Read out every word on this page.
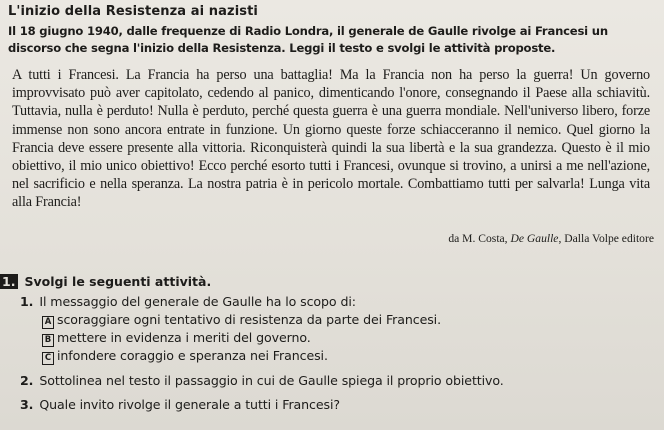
L'inizio della Resistenza ai nazisti
Il 18 giugno 1940, dalle frequenze di Radio Londra, il generale de Gaulle rivolge ai Francesi un discorso che segna l'inizio della Resistenza. Leggi il testo e svolgi le attività proposte.
A tutti i Francesi. La Francia ha perso una battaglia! Ma la Francia non ha perso la guerra! Un governo improvvisato può aver capitolato, cedendo al panico, dimenticando l'onore, consegnando il Paese alla schiavitù. Tuttavia, nulla è perduto! Nulla è perduto, perché questa guerra è una guerra mondiale. Nell'universo libero, forze immense non sono ancora entrate in funzione. Un giorno queste forze schiacceranno il nemico. Quel giorno la Francia deve essere presente alla vittoria. Riconquisterà quindi la sua libertà e la sua grandezza. Questo è il mio obiettivo, il mio unico obiettivo! Ecco perché esorto tutti i Francesi, ovunque si trovino, a unirsi a me nell'azione, nel sacrificio e nella speranza. La nostra patria è in pericolo mortale. Combattiamo tutti per salvarla! Lunga vita alla Francia!
da M. Costa, De Gaulle, Dalla Volpe editore
1. Svolgi le seguenti attività.
1. Il messaggio del generale de Gaulle ha lo scopo di:
A scoraggiare ogni tentativo di resistenza da parte dei Francesi.
B mettere in evidenza i meriti del governo.
C infondere coraggio e speranza nei Francesi.
2. Sottolinea nel testo il passaggio in cui de Gaulle spiega il proprio obiettivo.
3. Quale invito rivolge il generale a tutti i Francesi?
